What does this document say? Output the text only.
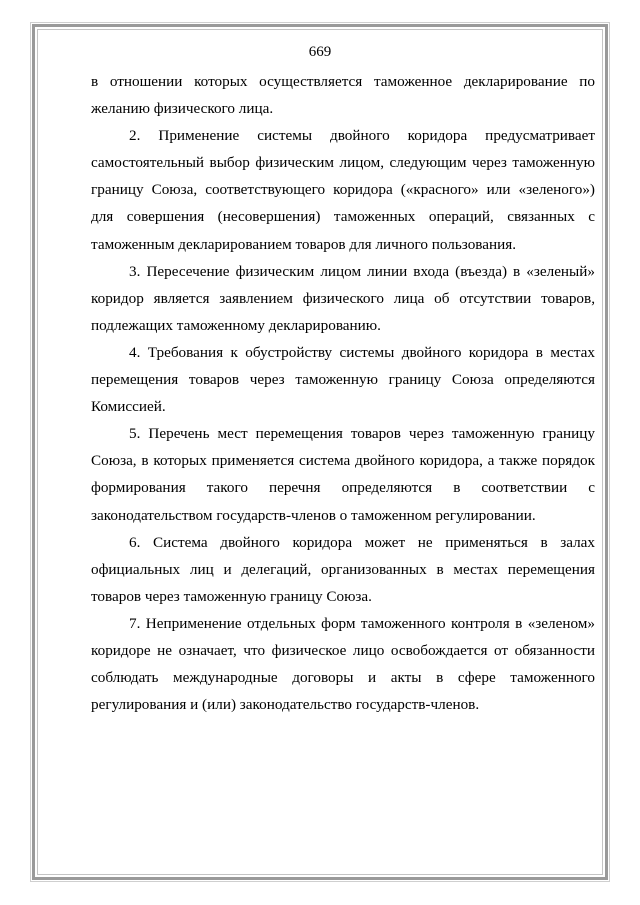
669

в отношении которых осуществляется таможенное декларирование по желанию физического лица.

2. Применение системы двойного коридора предусматривает самостоятельный выбор физическим лицом, следующим через таможенную границу Союза, соответствующего коридора («красного» или «зеленого») для совершения (несовершения) таможенных операций, связанных с таможенным декларированием товаров для личного пользования.

3. Пересечение физическим лицом линии входа (въезда) в «зеленый» коридор является заявлением физического лица об отсутствии товаров, подлежащих таможенному декларированию.

4. Требования к обустройству системы двойного коридора в местах перемещения товаров через таможенную границу Союза определяются Комиссией.

5. Перечень мест перемещения товаров через таможенную границу Союза, в которых применяется система двойного коридора, а также порядок формирования такого перечня определяются в соответствии с законодательством государств-членов о таможенном регулировании.

6. Система двойного коридора может не применяться в залах официальных лиц и делегаций, организованных в местах перемещения товаров через таможенную границу Союза.

7. Неприменение отдельных форм таможенного контроля в «зеленом» коридоре не означает, что физическое лицо освобождается от обязанности соблюдать международные договоры и акты в сфере таможенного регулирования и (или) законодательство государств-членов.
